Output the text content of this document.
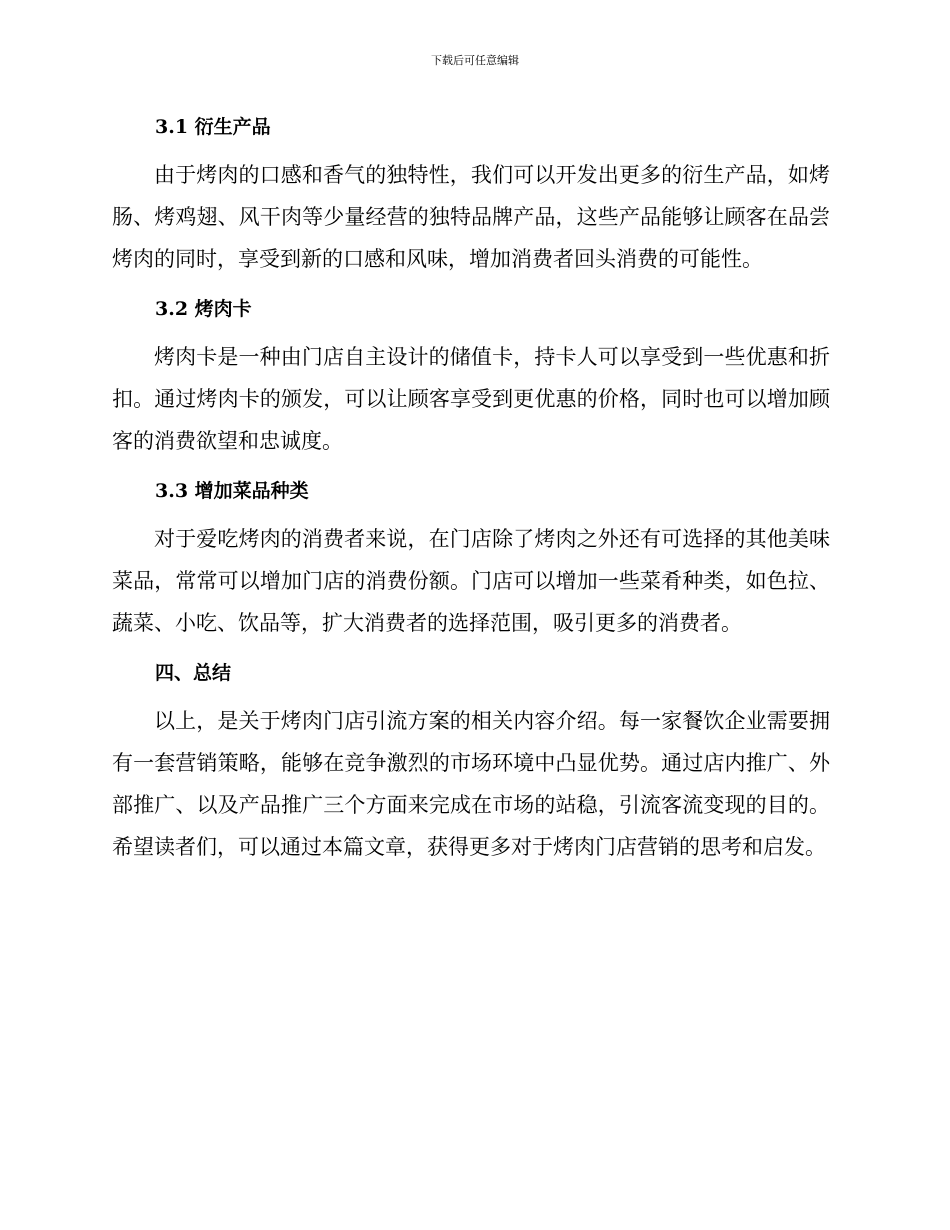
下载后可任意编辑
3.1 衍生产品

由于烤肉的口感和香气的独特性，我们可以开发出更多的衍生产品，如烤肠、烤鸡翅、风干肉等少量经营的独特品牌产品，这些产品能够让顾客在品尝烤肉的同时，享受到新的口感和风味，增加消费者回头消费的可能性。

3.2 烤肉卡

烤肉卡是一种由门店自主设计的储值卡，持卡人可以享受到一些优惠和折扣。通过烤肉卡的颁发，可以让顾客享受到更优惠的价格，同时也可以增加顾客的消费欲望和忠诚度。

3.3 增加菜品种类

对于爱吃烤肉的消费者来说，在门店除了烤肉之外还有可选择的其他美味菜品，常常可以增加门店的消费份额。门店可以增加一些菜肴种类，如色拉、蔬菜、小吃、饮品等，扩大消费者的选择范围，吸引更多的消费者。

四、总结

以上，是关于烤肉门店引流方案的相关内容介绍。每一家餐饮企业需要拥有一套营销策略，能够在竞争激烈的市场环境中凸显优势。通过店内推广、外部推广、以及产品推广三个方面来完成在市场的站稳，引流客流变现的目的。希望读者们，可以通过本篇文章，获得更多对于烤肉门店营销的思考和启发。
